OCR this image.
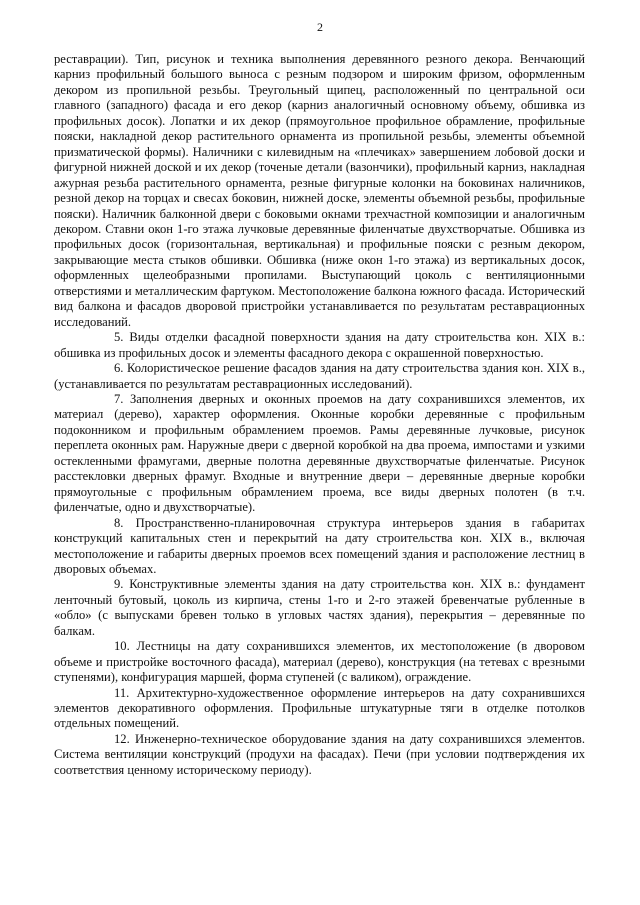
2

реставрации). Тип, рисунок и техника выполнения деревянного резного декора. Венчающий карниз профильный большого выноса с резным подзором и широким фризом, оформленным декором из пропильной резьбы. Треугольный щипец, расположенный по центральной оси главного (западного) фасада и его декор (карниз аналогичный основному объему, обшивка из профильных досок). Лопатки и их декор (прямоугольное профильное обрамление, профильные пояски, накладной декор растительного орнамента из пропильной резьбы, элементы объемной призматической формы). Наличники с килевидным на «плечиках» завершением лобовой доски и фигурной нижней доской и их декор (точеные детали (вазончики), профильный карниз, накладная ажурная резьба растительного орнамента, резные фигурные колонки на боковинах наличников, резной декор на торцах и свесах боковин, нижней доске, элементы объемной резьбы, профильные пояски). Наличник балконной двери с боковыми окнами трехчастной композиции и аналогичным декором. Ставни окон 1-го этажа лучковые деревянные филенчатые двухстворчатые. Обшивка из профильных досок (горизонтальная, вертикальная) и профильные пояски с резным декором, закрывающие места стыков обшивки. Обшивка (ниже окон 1-го этажа) из вертикальных досок, оформленных щелеобразными пропилами. Выступающий цоколь с вентиляционными отверстиями и металлическим фартуком. Местоположение балкона южного фасада. Исторический вид балкона и фасадов дворовой пристройки устанавливается по результатам реставрационных исследований.

5. Виды отделки фасадной поверхности здания на дату строительства кон. XIX в.: обшивка из профильных досок и элементы фасадного декора с окрашенной поверхностью.

6. Колористическое решение фасадов здания на дату строительства здания кон. XIX в., (устанавливается по результатам реставрационных исследований).

7. Заполнения дверных и оконных проемов на дату сохранившихся элементов, их материал (дерево), характер оформления. Оконные коробки деревянные с профильным подоконником и профильным обрамлением проемов. Рамы деревянные лучковые, рисунок переплета оконных рам. Наружные двери с дверной коробкой на два проема, импостами и узкими остекленными фрамугами, дверные полотна деревянные двухстворчатые филенчатые. Рисунок расстекловки дверных фрамуг. Входные и внутренние двери – деревянные дверные коробки прямоугольные с профильным обрамлением проема, все виды дверных полотен (в т.ч. филенчатые, одно и двухстворчатые).

8. Пространственно-планировочная структура интерьеров здания в габаритах конструкций капитальных стен и перекрытий на дату строительства кон. XIX в., включая местоположение и габариты дверных проемов всех помещений здания и расположение лестниц в дворовых объемах.

9. Конструктивные элементы здания на дату строительства кон. XIX в.: фундамент ленточный бутовый, цоколь из кирпича, стены 1-го и 2-го этажей бревенчатые рубленные в «обло» (с выпусками бревен только в угловых частях здания), перекрытия – деревянные по балкам.

10. Лестницы на дату сохранившихся элементов, их местоположение (в дворовом объеме и пристройке восточного фасада), материал (дерево), конструкция (на тетевах с врезными ступенями), конфигурация маршей, форма ступеней (с валиком), ограждение.

11. Архитектурно-художественное оформление интерьеров на дату сохранившихся элементов декоративного оформления. Профильные штукатурные тяги в отделке потолков отдельных помещений.

12. Инженерно-техническое оборудование здания на дату сохранившихся элементов. Система вентиляции конструкций (продухи на фасадах). Печи (при условии подтверждения их соответствия ценному историческому периоду).
